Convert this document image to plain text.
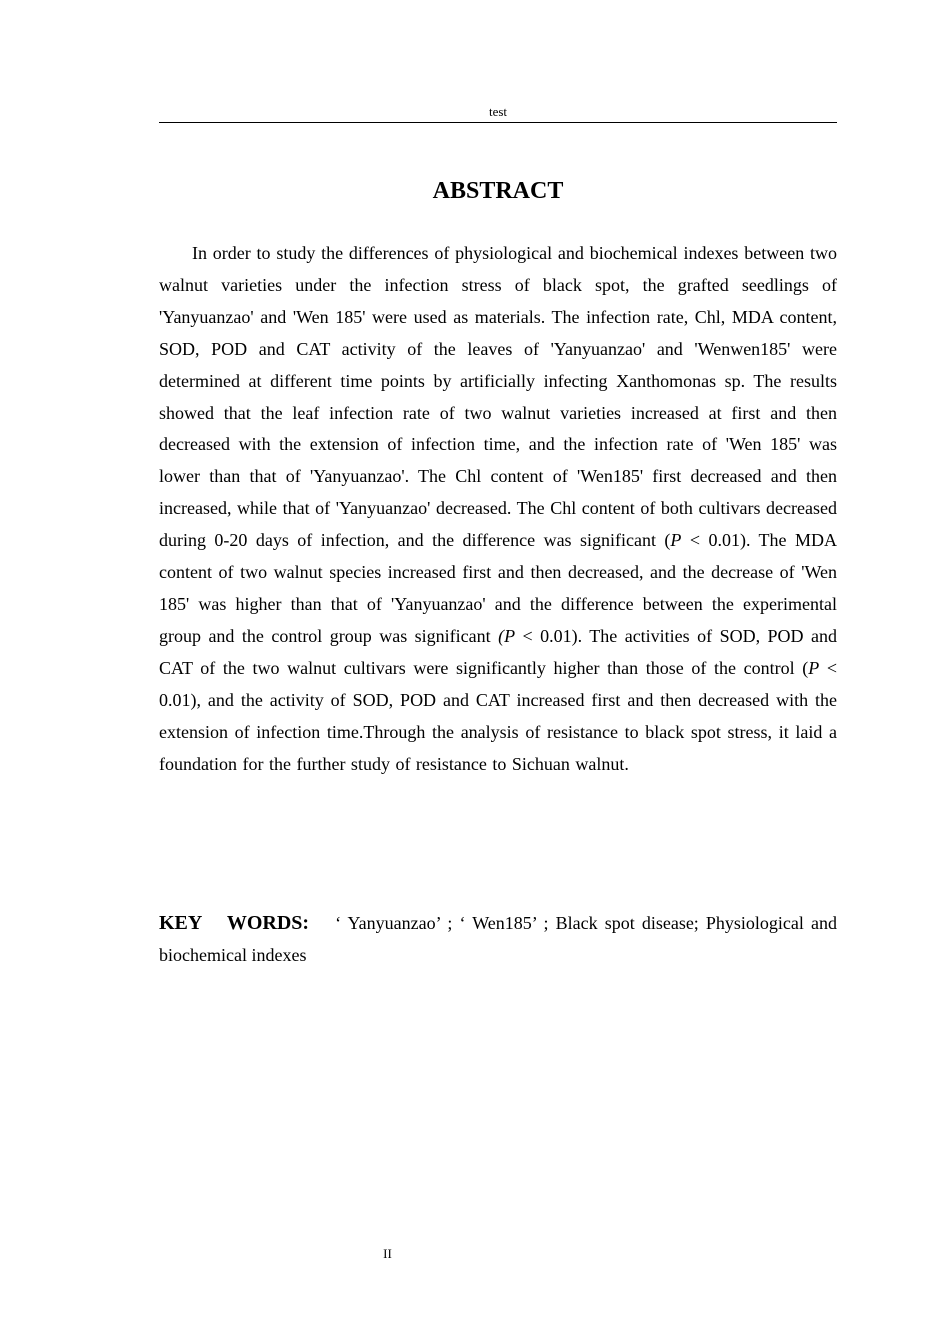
test
ABSTRACT

In order to study the differences of physiological and biochemical indexes between two walnut varieties under the infection stress of black spot, the grafted seedlings of 'Yanyuanzao' and 'Wen 185' were used as materials. The infection rate, Chl, MDA content, SOD, POD and CAT activity of the leaves of 'Yanyuanzao' and 'Wenwen185' were determined at different time points by artificially infecting Xanthomonas sp. The results showed that the leaf infection rate of two walnut varieties increased at first and then decreased with the extension of infection time, and the infection rate of 'Wen 185' was lower than that of 'Yanyuanzao'. The Chl content of 'Wen185' first decreased and then increased, while that of 'Yanyuanzao' decreased. The Chl content of both cultivars decreased during 0-20 days of infection, and the difference was significant (P < 0.01). The MDA content of two walnut species increased first and then decreased, and the decrease of 'Wen 185' was higher than that of 'Yanyuanzao' and the difference between the experimental group and the control group was significant (P < 0.01). The activities of SOD, POD and CAT of the two walnut cultivars were significantly higher than those of the control (P < 0.01), and the activity of SOD, POD and CAT increased first and then decreased with the extension of infection time.Through the analysis of resistance to black spot stress, it laid a foundation for the further study of resistance to Sichuan walnut.

KEY WORDS: ‘ Yanyuanzao’ ; ‘ Wen185’ ; Black spot disease; Physiological and biochemical indexes

II
